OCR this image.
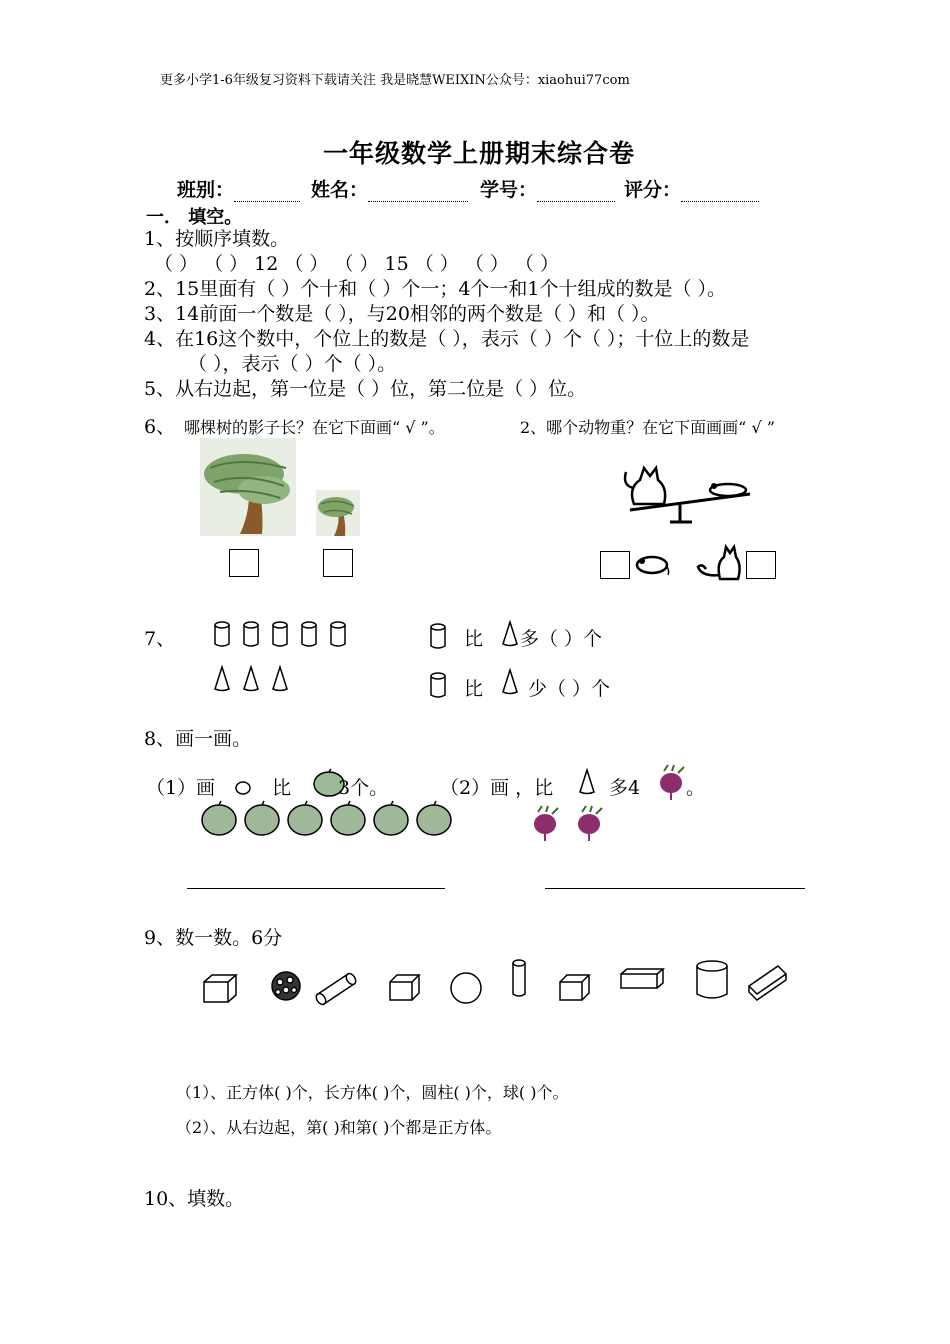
更多小学1-6年级复习资料下载请关注 我是晓慧WEIXIN公众号：xiaohui77com
一年级数学上册期末综合卷
班别：	姓名：	学号：	评分：
一． 填空。
1、按顺序填数。
（ ） （ ） 12 （ ） （ ） 15 （ ） （ ） （ ）
2、15里面有（ ）个十和（ ）个一；4个一和1个十组成的数是（ ）。
3、14前面一个数是（ ），与20相邻的两个数是（ ）和（ ）。
4、在16这个数中，个位上的数是（ ），表示（ ）个（ ）；十位上的数是
（ ），表示（ ）个（ ）。
5、从右边起，第一位是（ ）位，第二位是（ ）位。
6、 哪棵树的影子长？在它下面画“ √ ”。	2、哪个动物重？在它下面画画“ √ ”
7、	比 多（ ）个
比 少（ ）个
8、画一画。
（1）画	比 3个。	（2）画 ，比	多4 。
9、数一数。6分
（1）、正方体( )个，长方体( )个，圆柱( )个，球( )个。
（2）、从右边起，第( )和第( )个都是正方体。
10、填数。
